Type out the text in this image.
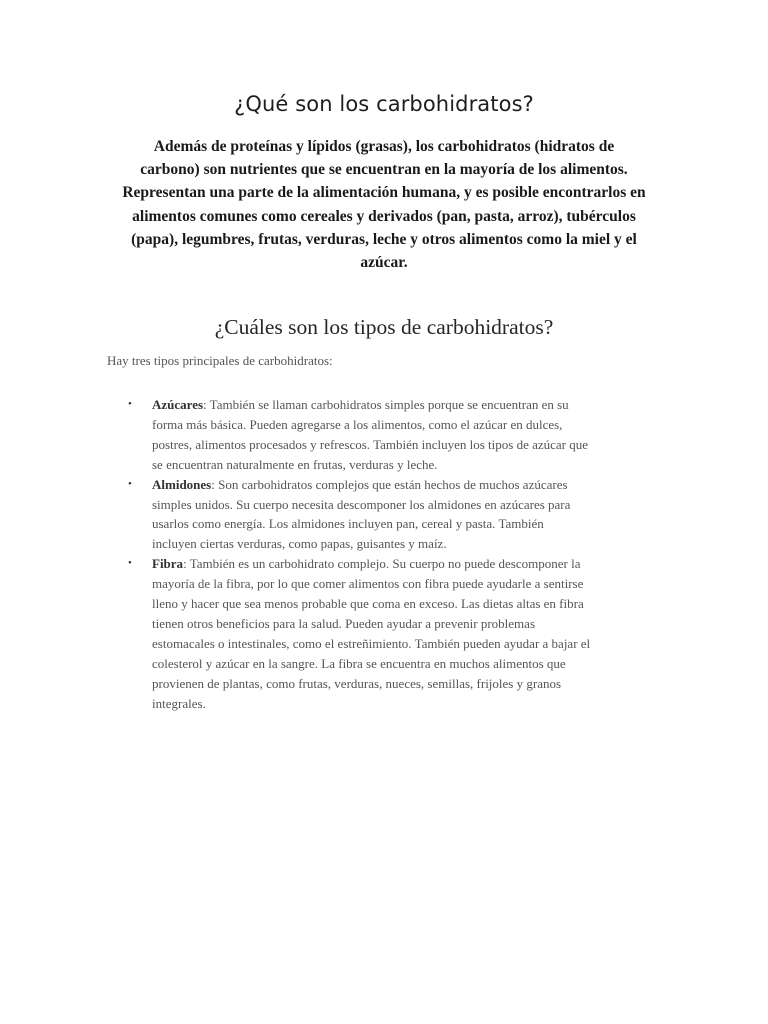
¿Qué son los carbohidratos?

Además de proteínas y lípidos (grasas), los carbohidratos (hidratos de
carbono) son nutrientes que se encuentran en la mayoría de los alimentos.
Representan una parte de la alimentación humana, y es posible encontrarlos en
alimentos comunes como cereales y derivados (pan, pasta, arroz), tubérculos
(papa), legumbres, frutas, verduras, leche y otros alimentos como la miel y el
azúcar.

¿Cuáles son los tipos de carbohidratos?

Hay tres tipos principales de carbohidratos:

• Azúcares: También se llaman carbohidratos simples porque se encuentran en su
forma más básica. Pueden agregarse a los alimentos, como el azúcar en dulces,
postres, alimentos procesados y refrescos. También incluyen los tipos de azúcar que
se encuentran naturalmente en frutas, verduras y leche.
• Almidones: Son carbohidratos complejos que están hechos de muchos azúcares
simples unidos. Su cuerpo necesita descomponer los almidones en azúcares para
usarlos como energía. Los almidones incluyen pan, cereal y pasta. También
incluyen ciertas verduras, como papas, guisantes y maíz.
• Fibra: También es un carbohidrato complejo. Su cuerpo no puede descomponer la
mayoría de la fibra, por lo que comer alimentos con fibra puede ayudarle a sentirse
lleno y hacer que sea menos probable que coma en exceso. Las dietas altas en fibra
tienen otros beneficios para la salud. Pueden ayudar a prevenir problemas
estomacales o intestinales, como el estreñimiento. También pueden ayudar a bajar el
colesterol y azúcar en la sangre. La fibra se encuentra en muchos alimentos que
provienen de plantas, como frutas, verduras, nueces, semillas, frijoles y granos
integrales.
